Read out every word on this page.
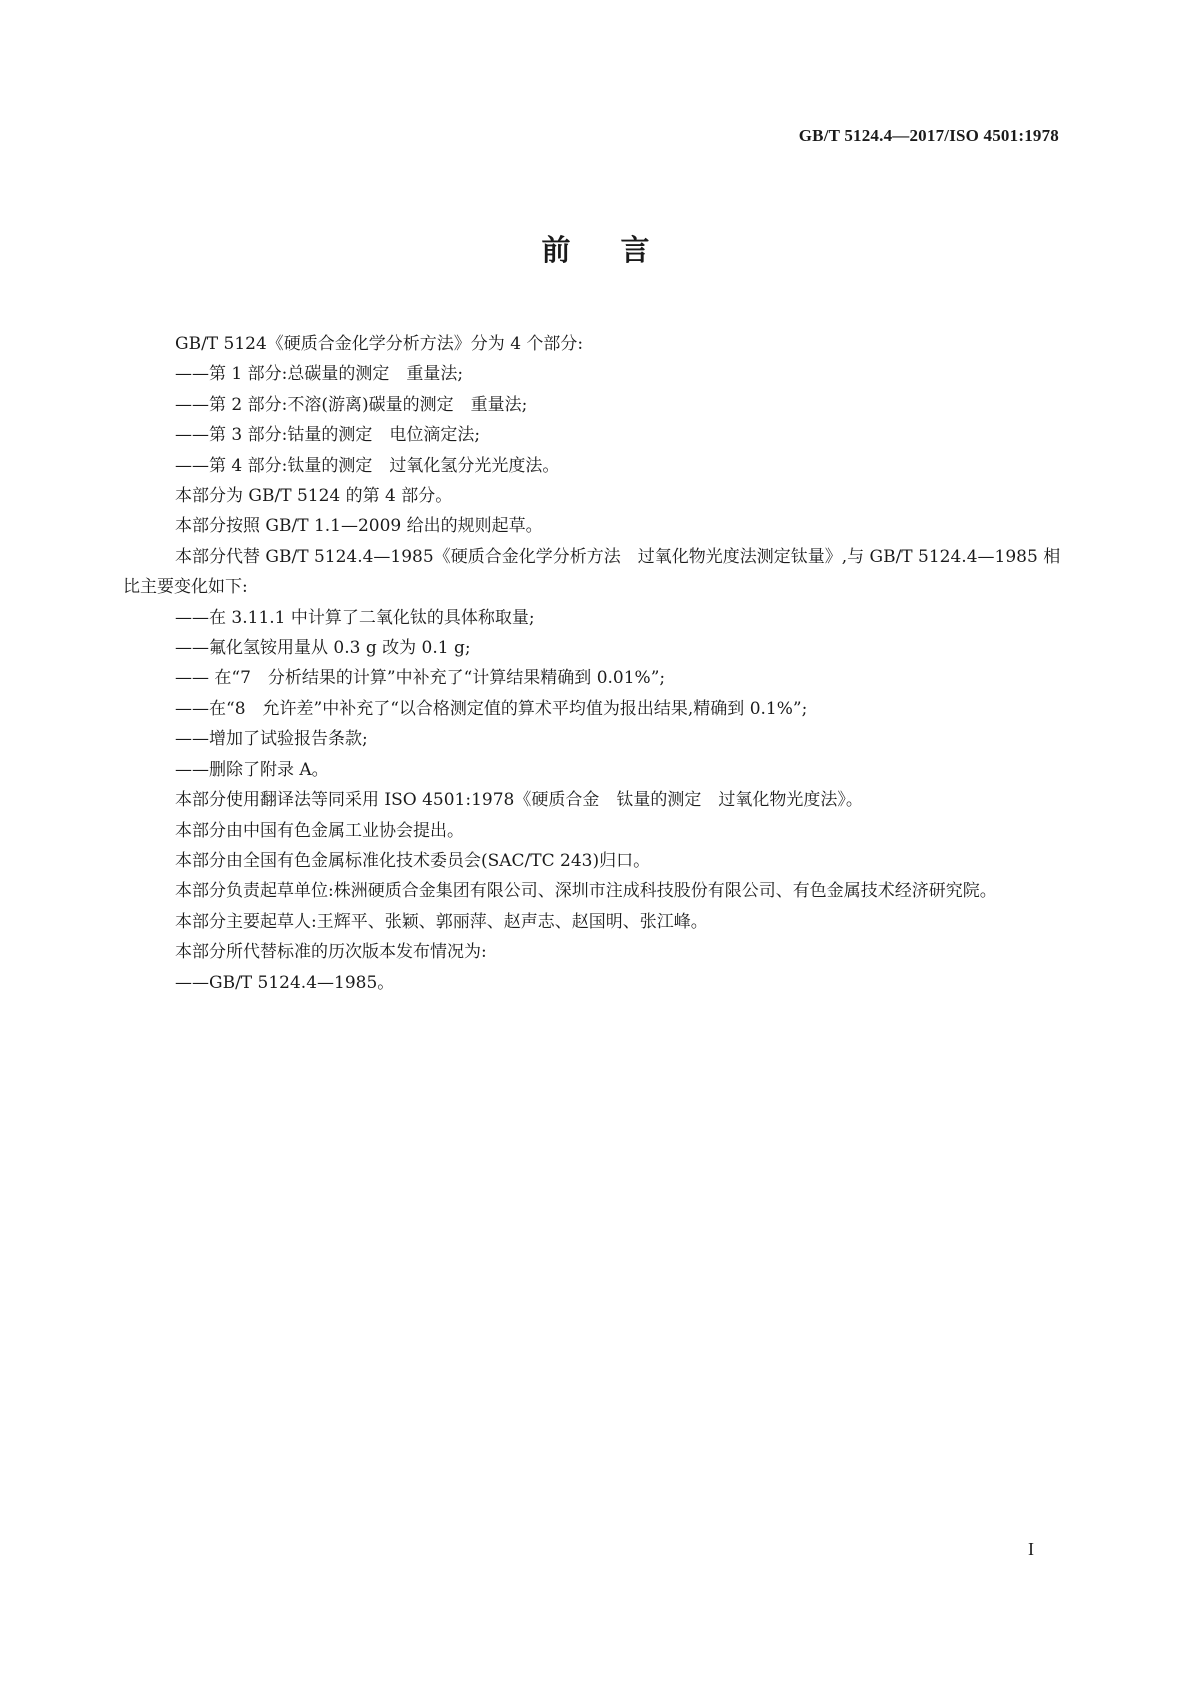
GB/T 5124.4—2017/ISO 4501:1978
前言

GB/T 5124《硬质合金化学分析方法》分为 4 个部分:

——第 1 部分:总碳量的测定　重量法;

——第 2 部分:不溶(游离)碳量的测定　重量法;

——第 3 部分:钴量的测定　电位滴定法;

——第 4 部分:钛量的测定　过氧化氢分光光度法。

本部分为 GB/T 5124 的第 4 部分。

本部分按照 GB/T 1.1—2009 给出的规则起草。

本部分代替 GB/T 5124.4—1985《硬质合金化学分析方法　过氧化物光度法测定钛量》,与 GB/T 5124.4—1985 相比主要变化如下:

——在 3.11.1 中计算了二氧化钛的具体称取量;

——氟化氢铵用量从 0.3 g 改为 0.1 g;

—— 在“7　分析结果的计算”中补充了“计算结果精确到 0.01%”;

——在“8　允许差”中补充了“以合格测定值的算术平均值为报出结果,精确到 0.1%”;

——增加了试验报告条款;

——删除了附录 A。

本部分使用翻译法等同采用 ISO 4501:1978《硬质合金　钛量的测定　过氧化物光度法》。

本部分由中国有色金属工业协会提出。

本部分由全国有色金属标准化技术委员会(SAC/TC 243)归口。

本部分负责起草单位:株洲硬质合金集团有限公司、深圳市注成科技股份有限公司、有色金属技术经济研究院。

本部分主要起草人:王辉平、张颖、郭丽萍、赵声志、赵国明、张江峰。

本部分所代替标准的历次版本发布情况为:

——GB/T 5124.4—1985。

I
